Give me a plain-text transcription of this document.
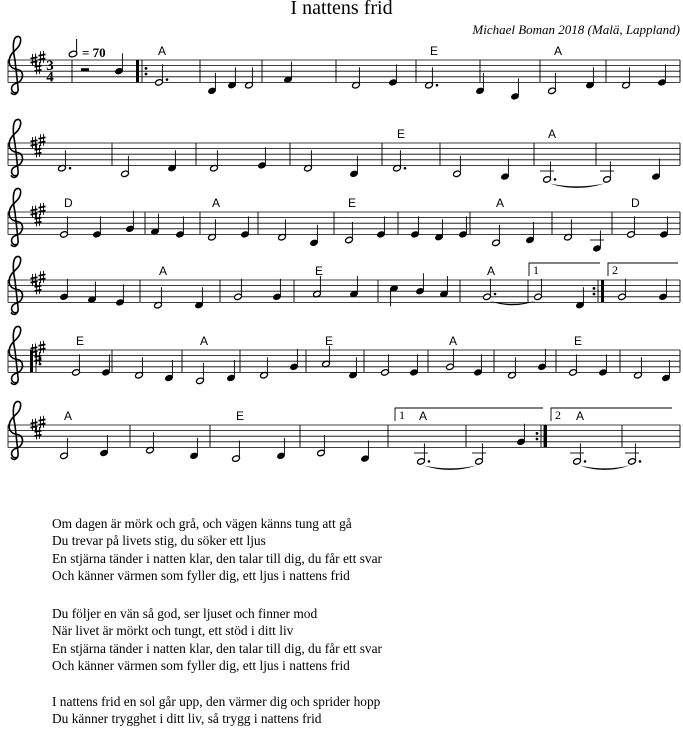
I nattens frid
Michael Boman 2018 (Malä, Lappland)
= 70
3
4
1	2
1	2
A	E	A
E	A
D	A	E	A	D
A	E	A
E	A	E	A	E
A	E	A	A
Om dagen är mörk och grå, och vägen känns tung att gå
Du trevar på livets stig, du söker ett ljus
En stjärna tänder i natten klar, den talar till dig, du får ett svar
Och känner värmen som fyller dig, ett ljus i nattens frid
Du följer en vän så god, ser ljuset och finner mod
När livet är mörkt och tungt, ett stöd i ditt liv
En stjärna tänder i natten klar, den talar till dig, du får ett svar
Och känner värmen som fyller dig, ett ljus i nattens frid
I nattens frid en sol går upp, den värmer dig och sprider hopp
Du känner trygghet i ditt liv, så trygg i nattens frid
